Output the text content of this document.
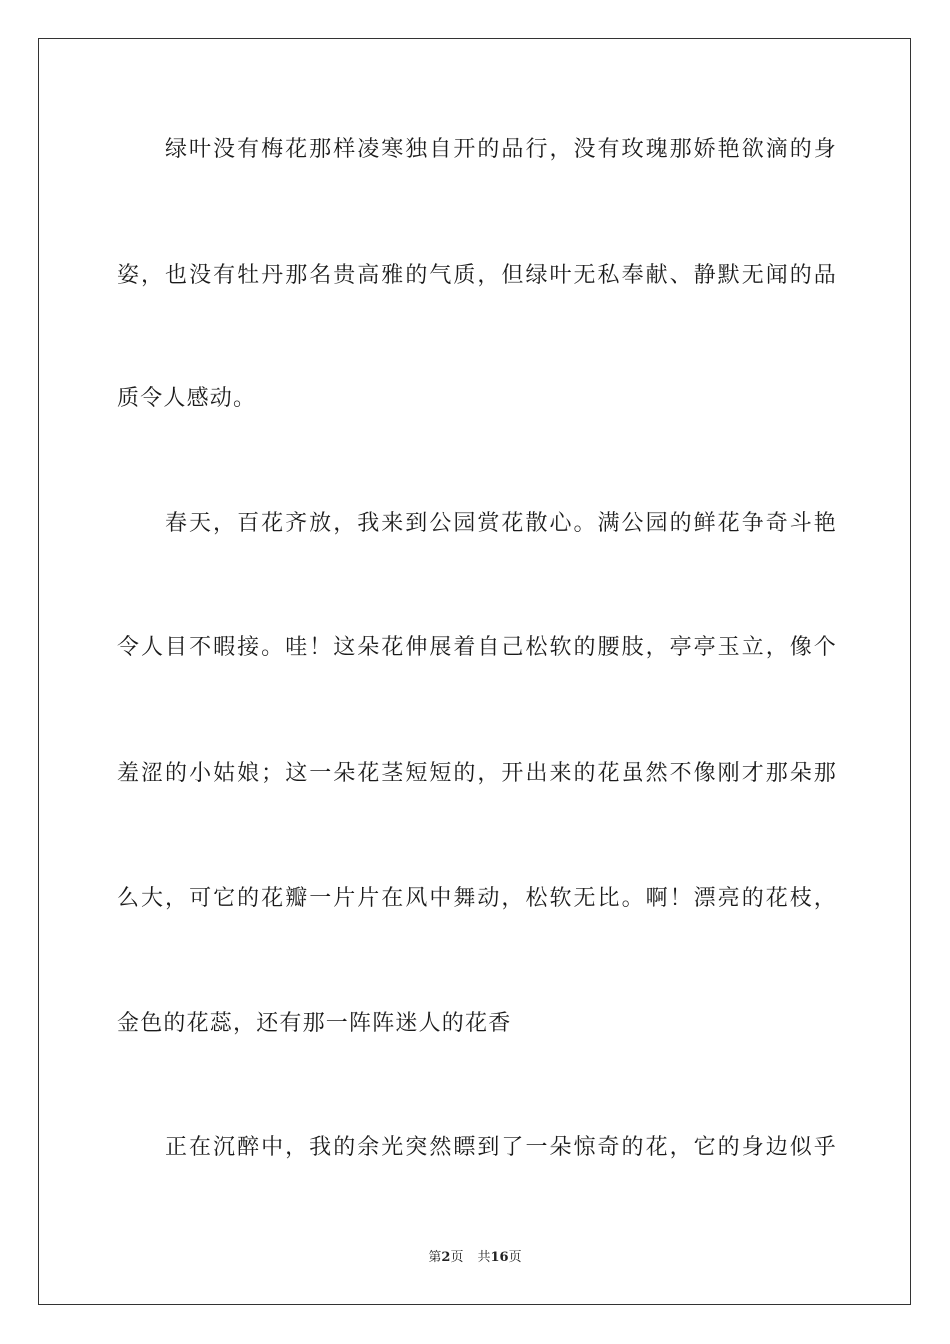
绿叶没有梅花那样凌寒独自开的品行，没有玫瑰那娇艳欲滴的身
姿，也没有牡丹那名贵高雅的气质，但绿叶无私奉献、静默无闻的品
质令人感动。
春天，百花齐放，我来到公园赏花散心。满公园的鲜花争奇斗艳
令人目不暇接。哇！这朵花伸展着自己松软的腰肢，亭亭玉立，像个
羞涩的小姑娘；这一朵花茎短短的，开出来的花虽然不像刚才那朵那
么大，可它的花瓣一片片在风中舞动，松软无比。啊！漂亮的花枝，
金色的花蕊，还有那一阵阵迷人的花香
正在沉醉中，我的余光突然瞟到了一朵惊奇的花，它的身边似乎
第2页 共16页
